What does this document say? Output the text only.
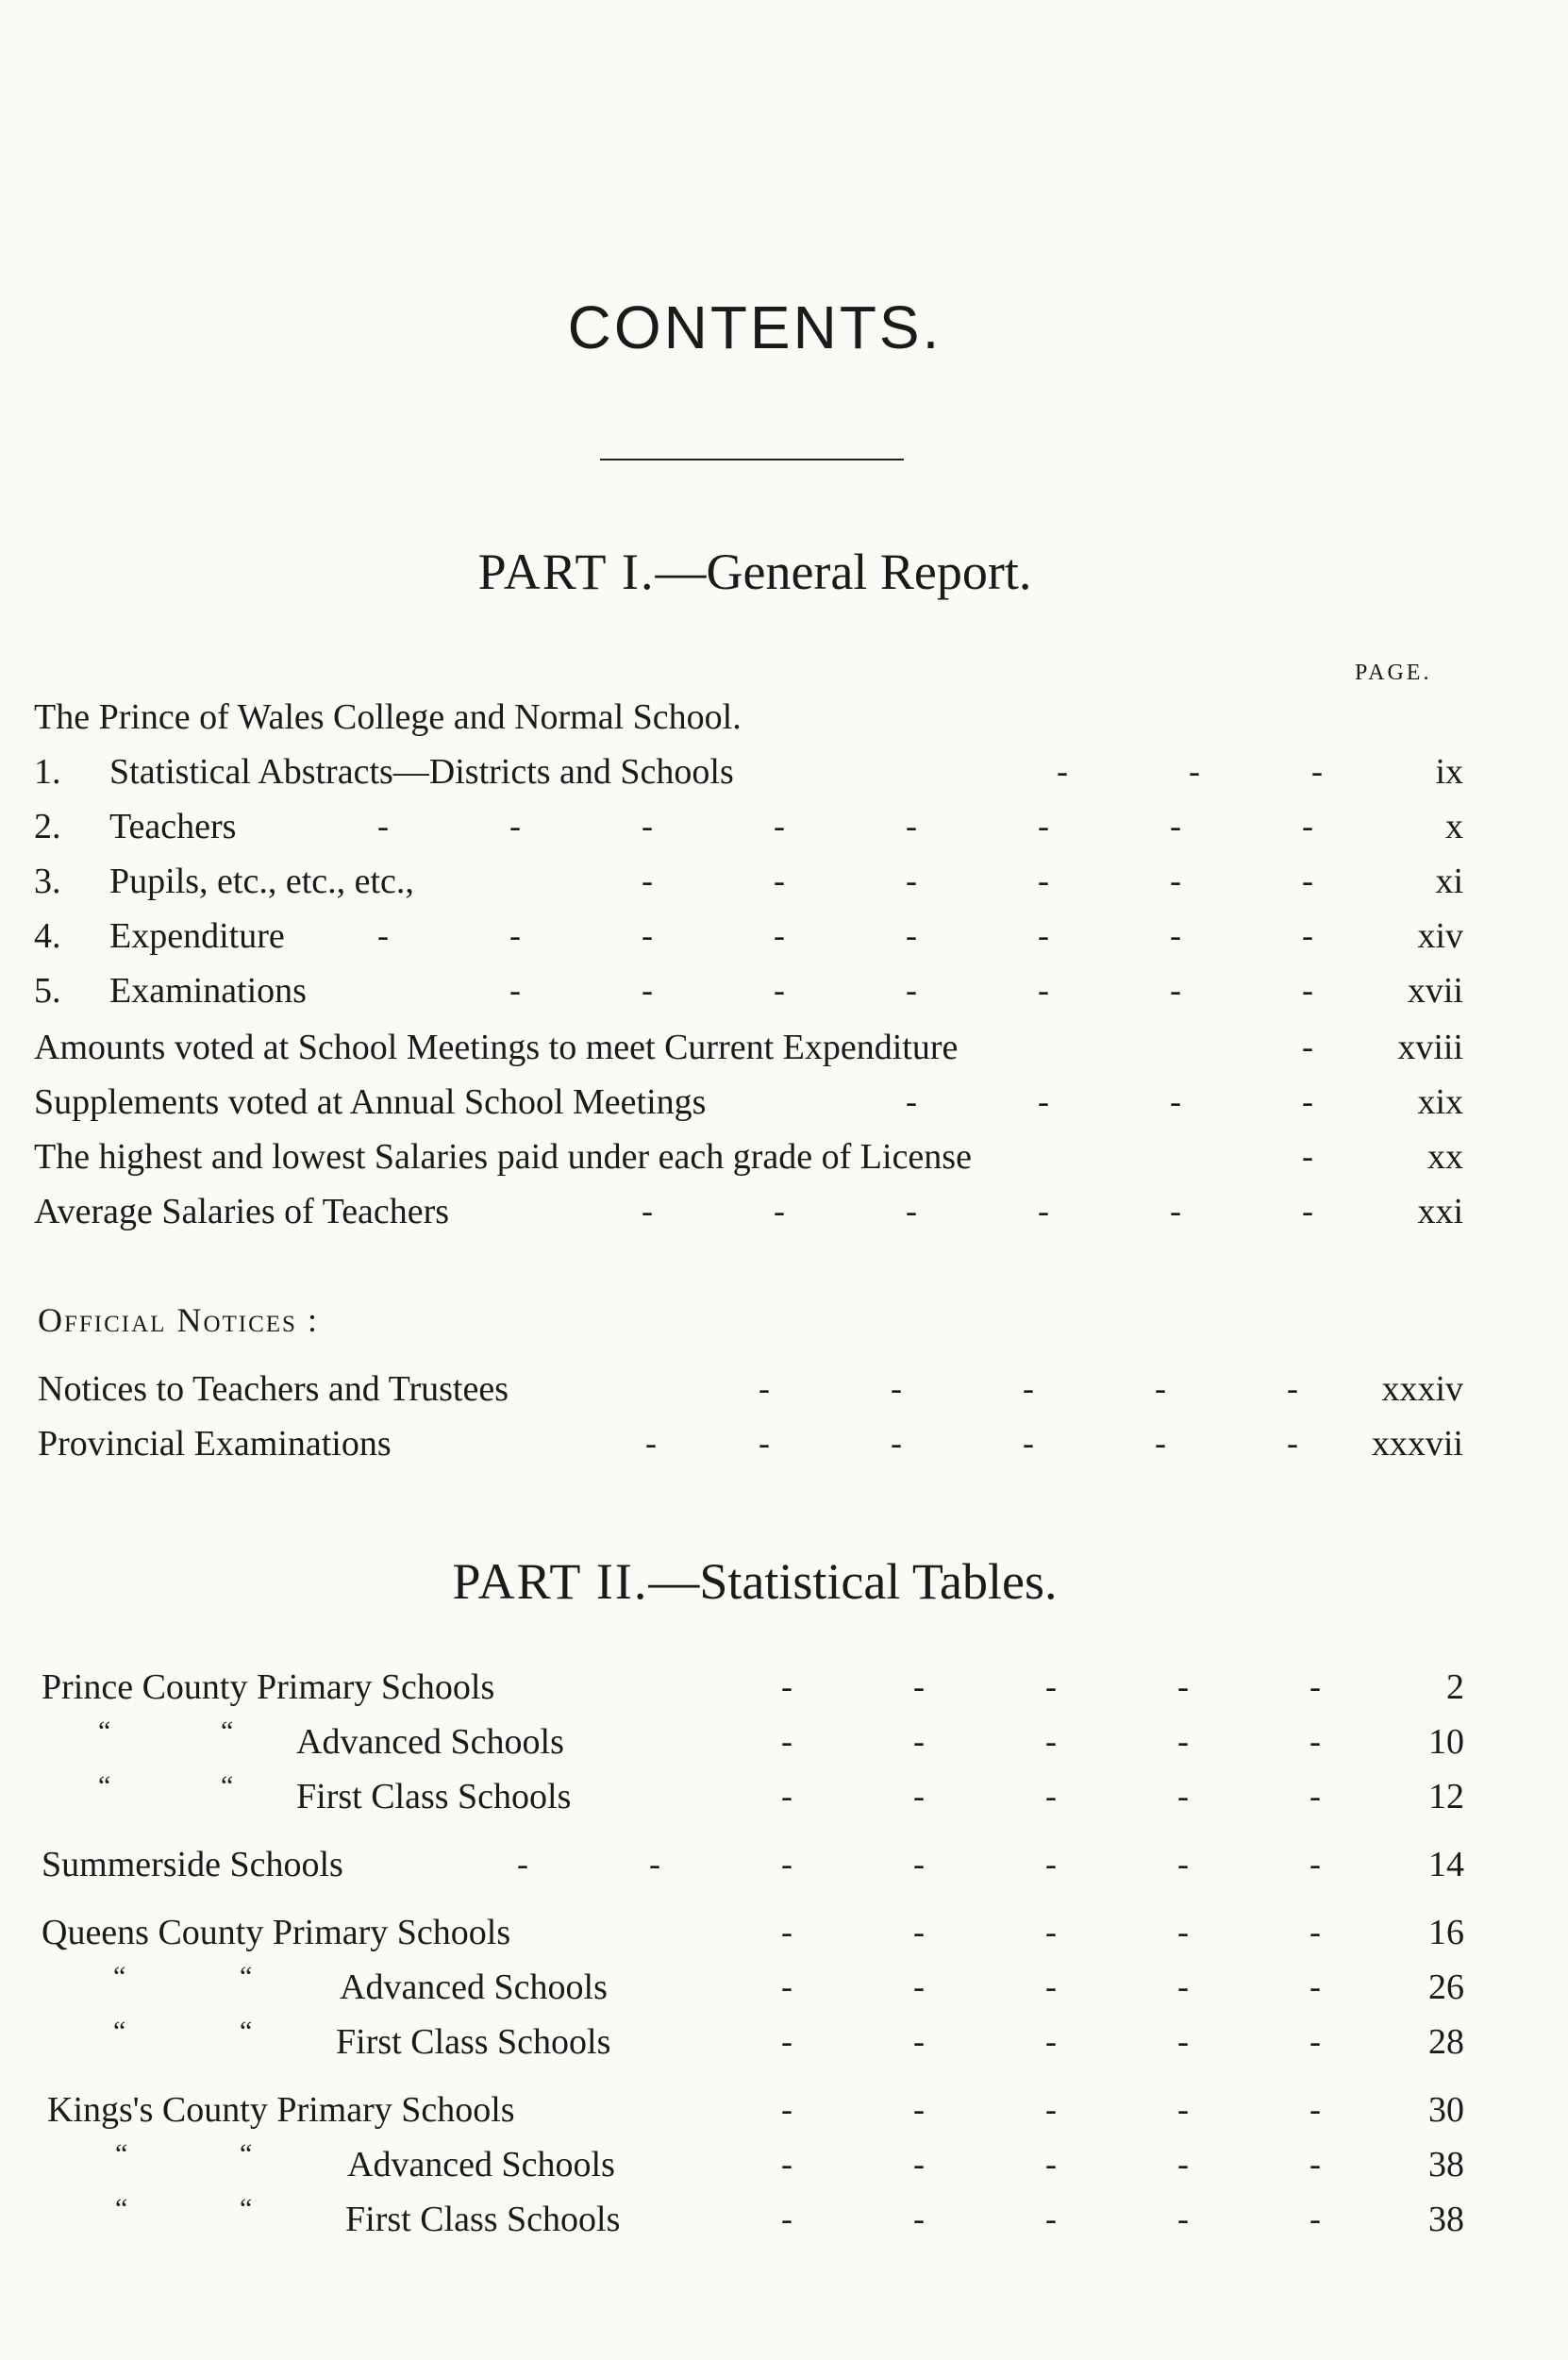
CONTENTS.
PART I.—General Report.
PAGE.
The Prince of Wales College and Normal School.
1.	Statistical Abstracts—Districts and Schools	-	-	-	ix
2.	Teachers	-	-	-	-	-	-	-	-	x
3.	Pupils, etc., etc., etc.,	-	-	-	-	-	-	xi
4.	Expenditure	-	-	-	-	-	-	-	-	xiv
5.	Examinations	-	-	-	-	-	-	-	xvii
Amounts voted at School Meetings to meet Current Expenditure	-	xviii
Supplements voted at Annual School Meetings	-	-	-	-	xix
The highest and lowest Salaries paid under each grade of License	-	xx
Average Salaries of Teachers	-	-	-	-	-	-	xxi
Official Notices :
Notices to Teachers and Trustees	-	-	-	-	-	xxxiv
Provincial Examinations	-	-	-	-	-	-	xxxvii
PART II.—Statistical Tables.
Prince County Primary Schools	-	-	-	-	-	2
“	“ Advanced Schools	-	-	-	-	-	10
“	“ First Class Schools	-	-	-	-	-	12
Summerside Schools	-	-	-	-	-	-	-	14
Queens County Primary Schools	-	-	-	-	-	16
“	“ Advanced Schools	-	-	-	-	-	26
“	“ First Class Schools	-	-	-	-	-	28
Kings's County Primary Schools	-	-	-	-	-	30
“	“	Advanced Schools	-	-	-	-	-	38
“	“	First Class Schools	-	-	-	-	-	38
